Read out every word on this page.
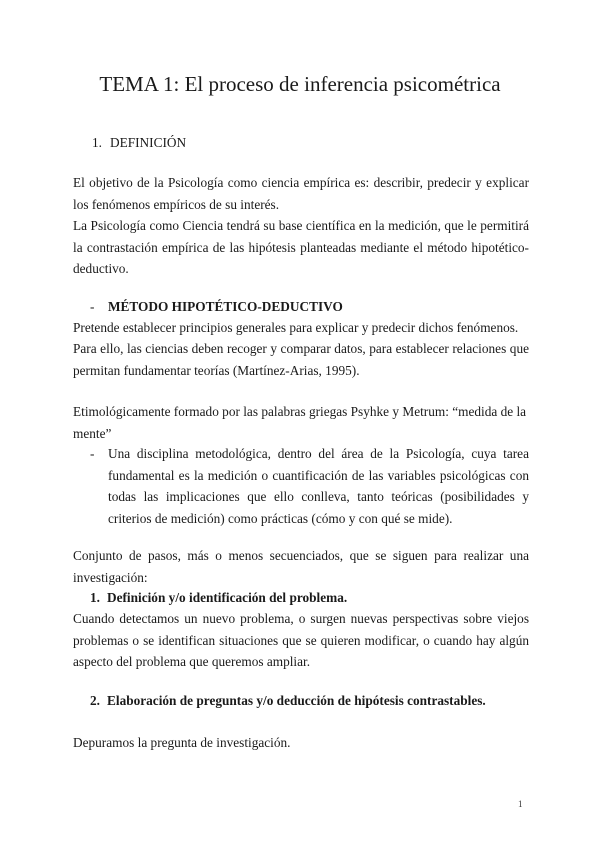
TEMA 1: El proceso de inferencia psicométrica
1. DEFINICIÓN
El objetivo de la Psicología como ciencia empírica es: describir, predecir y explicar los fenómenos empíricos de su interés.
La Psicología como Ciencia tendrá su base científica en la medición, que le permitirá la contrastación empírica de las hipótesis planteadas mediante el método hipotético-deductivo.
- MÉTODO HIPOTÉTICO-DEDUCTIVO
Pretende establecer principios generales para explicar y predecir dichos fenómenos.
Para ello, las ciencias deben recoger y comparar datos, para establecer relaciones que permitan fundamentar teorías (Martínez-Arias, 1995).
Etimológicamente formado por las palabras griegas Psyhke y Metrum: “medida de la mente”
- Una disciplina metodológica, dentro del área de la Psicología, cuya tarea fundamental es la medición o cuantificación de las variables psicológicas con todas las implicaciones que ello conlleva, tanto teóricas (posibilidades y criterios de medición) como prácticas (cómo y con qué se mide).
Conjunto de pasos, más o menos secuenciados, que se siguen para realizar una investigación:
1. Definición y/o identificación del problema.
Cuando detectamos un nuevo problema, o surgen nuevas perspectivas sobre viejos problemas o se identifican situaciones que se quieren modificar, o cuando hay algún aspecto del problema que queremos ampliar.
2. Elaboración de preguntas y/o deducción de hipótesis contrastables.
Depuramos la pregunta de investigación.
1
